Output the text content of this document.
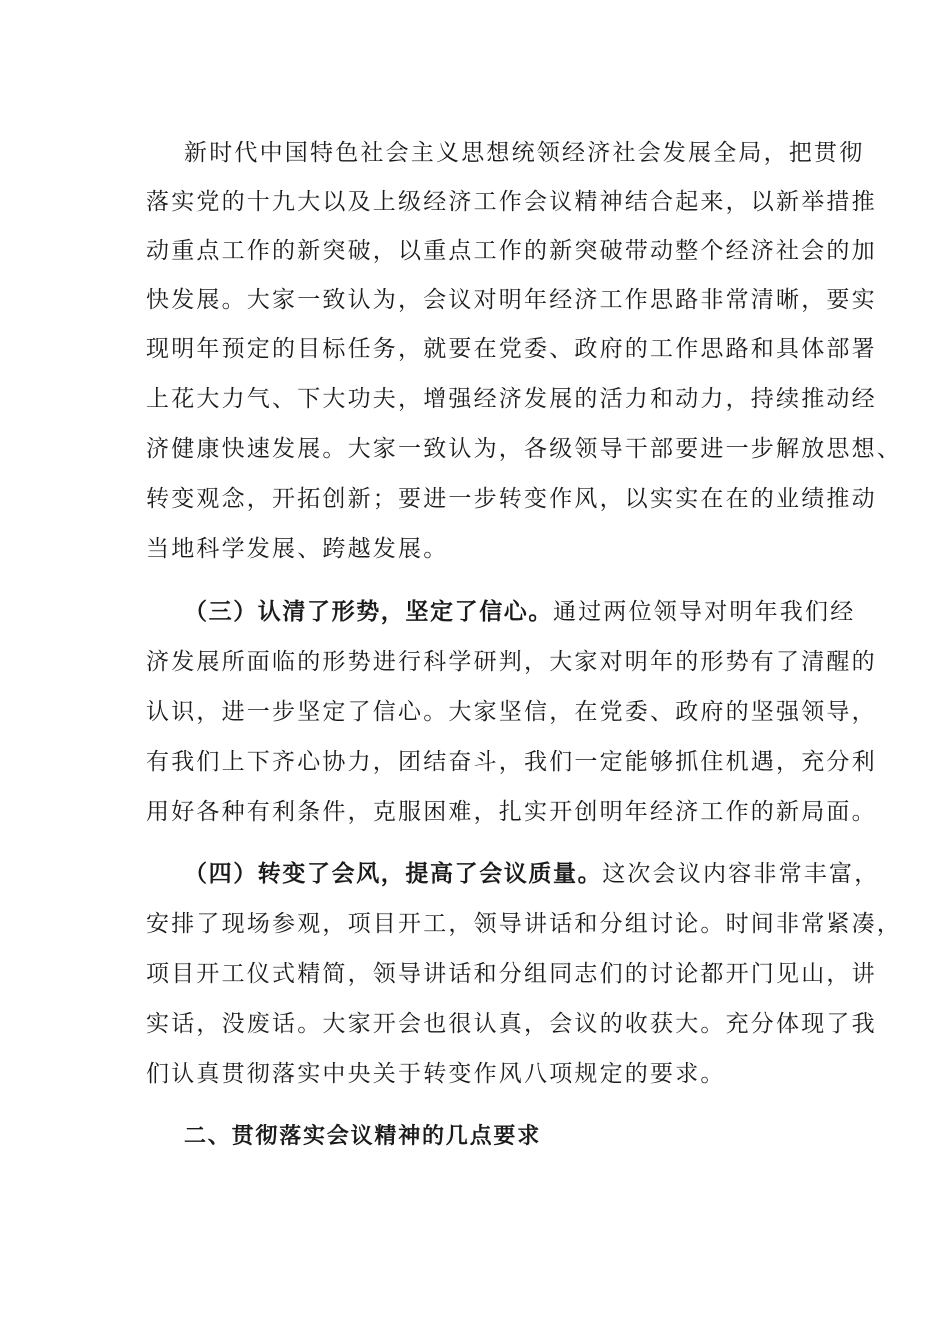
新时代中国特色社会主义思想统领经济社会发展全局，把贯彻

落实党的十九大以及上级经济工作会议精神结合起来，以新举措推

动重点工作的新突破，以重点工作的新突破带动整个经济社会的加

快发展。大家一致认为，会议对明年经济工作思路非常清晰，要实

现明年预定的目标任务，就要在党委、政府的工作思路和具体部署

上花大力气、下大功夫，增强经济发展的活力和动力，持续推动经

济健康快速发展。大家一致认为，各级领导干部要进一步解放思想、

转变观念，开拓创新；要进一步转变作风，以实实在在的业绩推动

当地科学发展、跨越发展。

（三）认清了形势，坚定了信心。通过两位领导对明年我们经

济发展所面临的形势进行科学研判，大家对明年的形势有了清醒的

认识，进一步坚定了信心。大家坚信，在党委、政府的坚强领导，

有我们上下齐心协力，团结奋斗，我们一定能够抓住机遇，充分利

用好各种有利条件，克服困难，扎实开创明年经济工作的新局面。

（四）转变了会风，提高了会议质量。这次会议内容非常丰富，

安排了现场参观，项目开工，领导讲话和分组讨论。时间非常紧凑，

项目开工仪式精简，领导讲话和分组同志们的讨论都开门见山，讲

实话，没废话。大家开会也很认真，会议的收获大。充分体现了我

们认真贯彻落实中央关于转变作风八项规定的要求。

二、贯彻落实会议精神的几点要求
